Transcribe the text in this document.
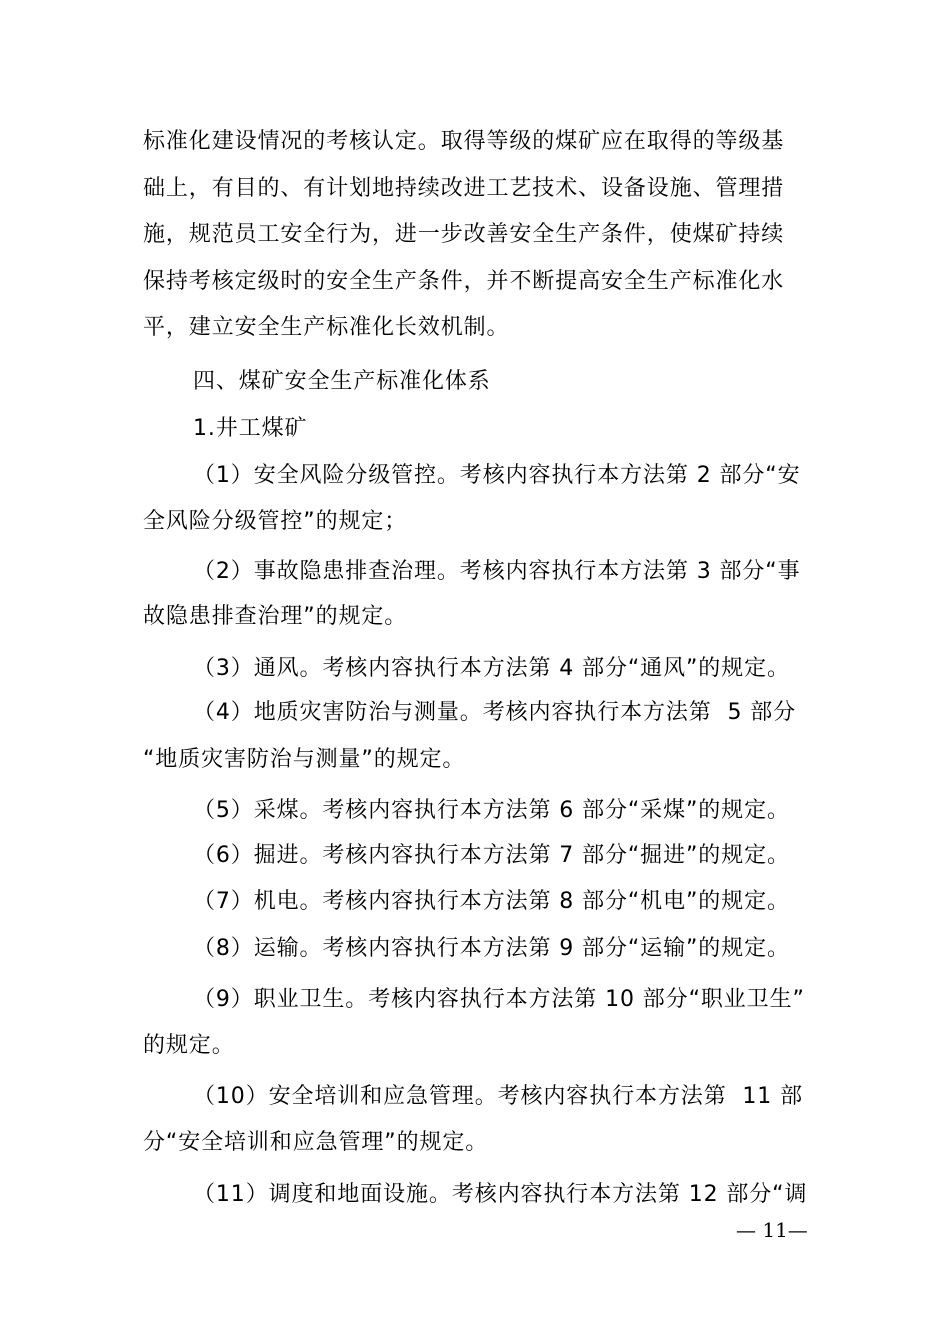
标准化建设情况的考核认定。取得等级的煤矿应在取得的等级基
础上，有目的、有计划地持续改进工艺技术、设备设施、管理措
施，规范员工安全行为，进一步改善安全生产条件，使煤矿持续
保持考核定级时的安全生产条件，并不断提高安全生产标准化水
平，建立安全生产标准化长效机制。
四、煤矿安全生产标准化体系
1.井工煤矿
（1）安全风险分级管控。考核内容执行本方法第 2 部分“安
全风险分级管控”的规定；
（2）事故隐患排查治理。考核内容执行本方法第 3 部分“事
故隐患排查治理”的规定。
（3）通风。考核内容执行本方法第 4 部分“通风”的规定。
（4）地质灾害防治与测量。考核内容执行本方法第  5 部分
“地质灾害防治与测量”的规定。
（5）采煤。考核内容执行本方法第 6 部分“采煤”的规定。
（6）掘进。考核内容执行本方法第 7 部分“掘进”的规定。
（7）机电。考核内容执行本方法第 8 部分“机电”的规定。
（8）运输。考核内容执行本方法第 9 部分“运输”的规定。
（9）职业卫生。考核内容执行本方法第 10 部分“职业卫生”
的规定。
（10）安全培训和应急管理。考核内容执行本方法第  11 部
分“安全培训和应急管理”的规定。
（11）调度和地面设施。考核内容执行本方法第 12 部分“调
— 11—
